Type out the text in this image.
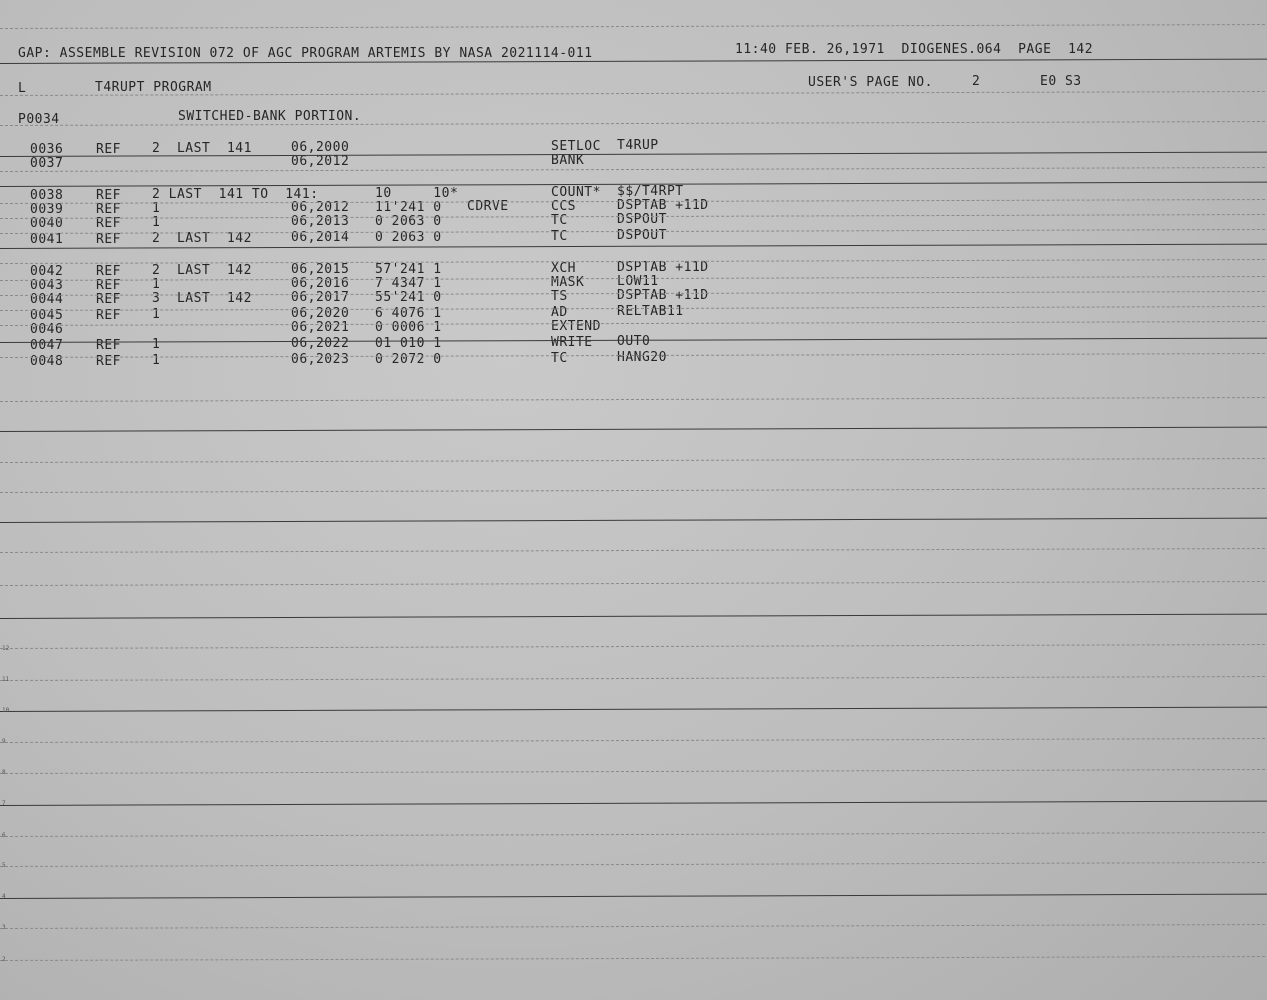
GAP: ASSEMBLE REVISION 072 OF AGC PROGRAM ARTEMIS BY NASA 2021114-011	11:40 FEB. 26,1971  DIOGENES.064  PAGE  142
L	T4RUPT PROGRAM	USER'S PAGE NO.	2	E0 S3
P0034	SWITCHED-BANK PORTION.
0036	REF 2  LAST  141	06,2000	SETLOC T4RUP
0037	06,2012	BANK
0038	REF 2 LAST  141 TO  141:	10     10*	COUNT* $$/T4RPT
0039	REF 1	06,2012 11'241 0 CDRVE	CCS	DSPTAB +11D
0040	REF 1	06,2013 0 2063 0	TC	DSPOUT
0041	REF 2  LAST  142	06,2014 0 2063 0	TC	DSPOUT
0042	REF 2  LAST  142	06,2015 57'241 1	XCH	DSPTAB +11D
0043	REF 1	06,2016 7 4347 1	MASK	LOW11
0044	REF 3  LAST  142	06,2017 55'241 0	TS	DSPTAB +11D
0045	REF 1	06,2020 6 4076 1	AD	RELTAB11
0046	06,2021 0 0006 1	EXTEND
0047	REF 1	06,2022 01 010 1	WRITE OUT0
0048	REF 1	06,2023 0 2072 0	TC	HANG20
12
11
10
9
8
7
6
5
4
3
2
